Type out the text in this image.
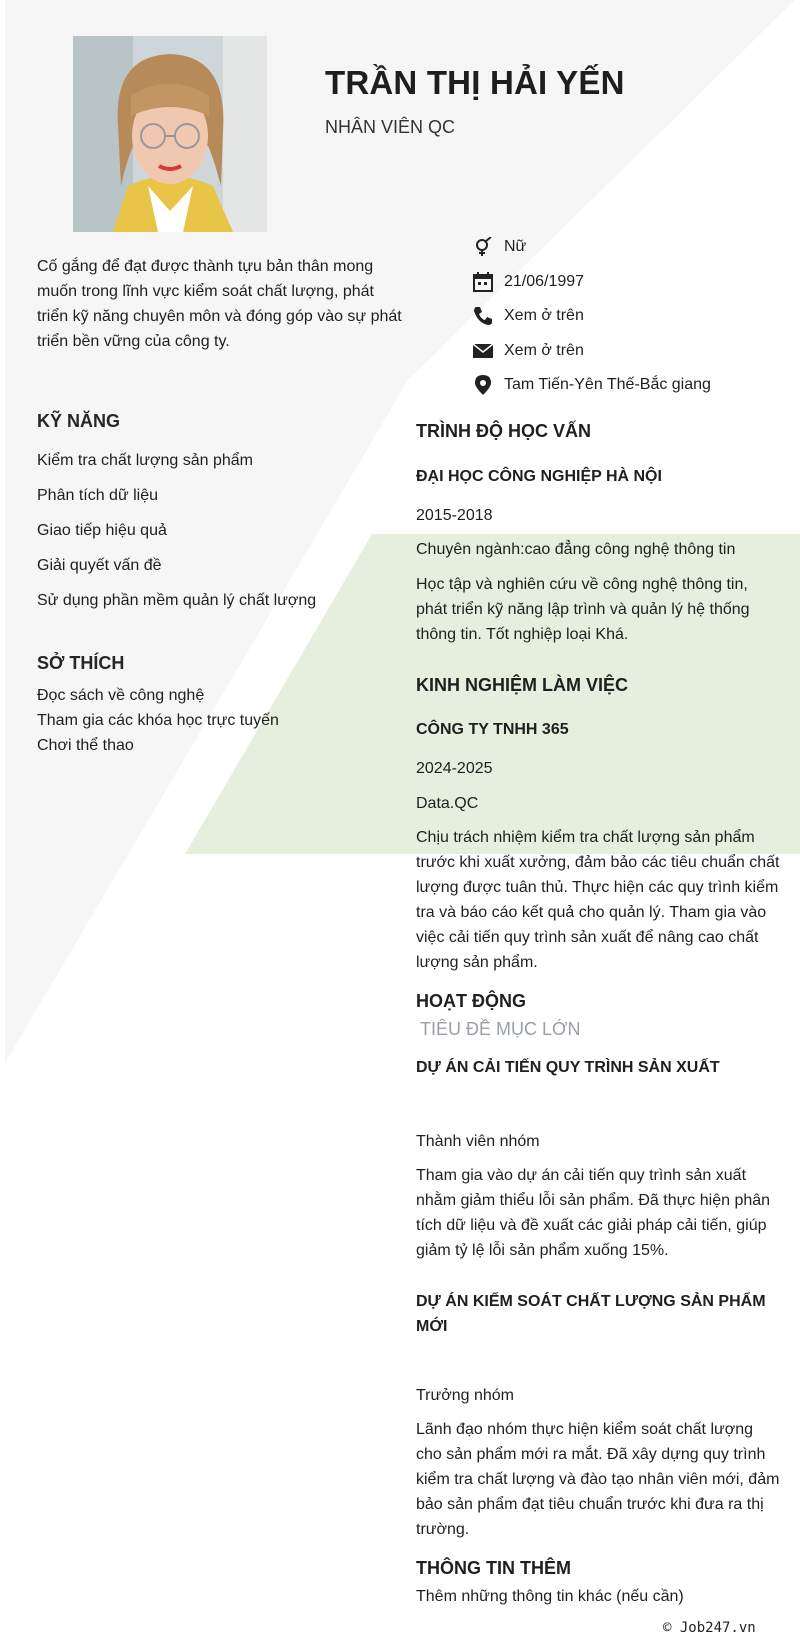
TRẦN THỊ HẢI YẾN
NHÂN VIÊN QC
Cố gắng để đạt được thành tựu bản thân mong muốn trong lĩnh vực kiểm soát chất lượng, phát triển kỹ năng chuyên môn và đóng góp vào sự phát triển bền vững của công ty.
Nữ
21/06/1997
Xem ở trên
Xem ở trên
Tam Tiến-Yên Thế-Bắc giang
KỸ NĂNG
Kiểm tra chất lượng sản phẩm
Phân tích dữ liệu
Giao tiếp hiệu quả
Giải quyết vấn đề
Sử dụng phần mềm quản lý chất lượng
SỞ THÍCH
Đọc sách về công nghệ
Tham gia các khóa học trực tuyến
Chơi thể thao
TRÌNH ĐỘ HỌC VẤN
ĐẠI HỌC CÔNG NGHIỆP HÀ NỘI
2015-2018
Chuyên ngành:cao đẳng công nghệ thông tin
Học tập và nghiên cứu về công nghệ thông tin, phát triển kỹ năng lập trình và quản lý hệ thống thông tin. Tốt nghiệp loại Khá.
KINH NGHIỆM LÀM VIỆC
CÔNG TY TNHH 365
2024-2025
Data.QC
Chịu trách nhiệm kiểm tra chất lượng sản phẩm trước khi xuất xưởng, đảm bảo các tiêu chuẩn chất lượng được tuân thủ. Thực hiện các quy trình kiểm tra và báo cáo kết quả cho quản lý. Tham gia vào việc cải tiến quy trình sản xuất để nâng cao chất lượng sản phẩm.
HOẠT ĐỘNG
TIÊU ĐỀ MỤC LỚN
DỰ ÁN CẢI TIẾN QUY TRÌNH SẢN XUẤT
Thành viên nhóm
Tham gia vào dự án cải tiến quy trình sản xuất nhằm giảm thiểu lỗi sản phẩm. Đã thực hiện phân tích dữ liệu và đề xuất các giải pháp cải tiến, giúp giảm tỷ lệ lỗi sản phẩm xuống 15%.
DỰ ÁN KIỂM SOÁT CHẤT LƯỢNG SẢN PHẨM MỚI
Trưởng nhóm
Lãnh đạo nhóm thực hiện kiểm soát chất lượng cho sản phẩm mới ra mắt. Đã xây dựng quy trình kiểm tra chất lượng và đào tạo nhân viên mới, đảm bảo sản phẩm đạt tiêu chuẩn trước khi đưa ra thị trường.
THÔNG TIN THÊM
Thêm những thông tin khác (nếu cần)
© Job247.vn
